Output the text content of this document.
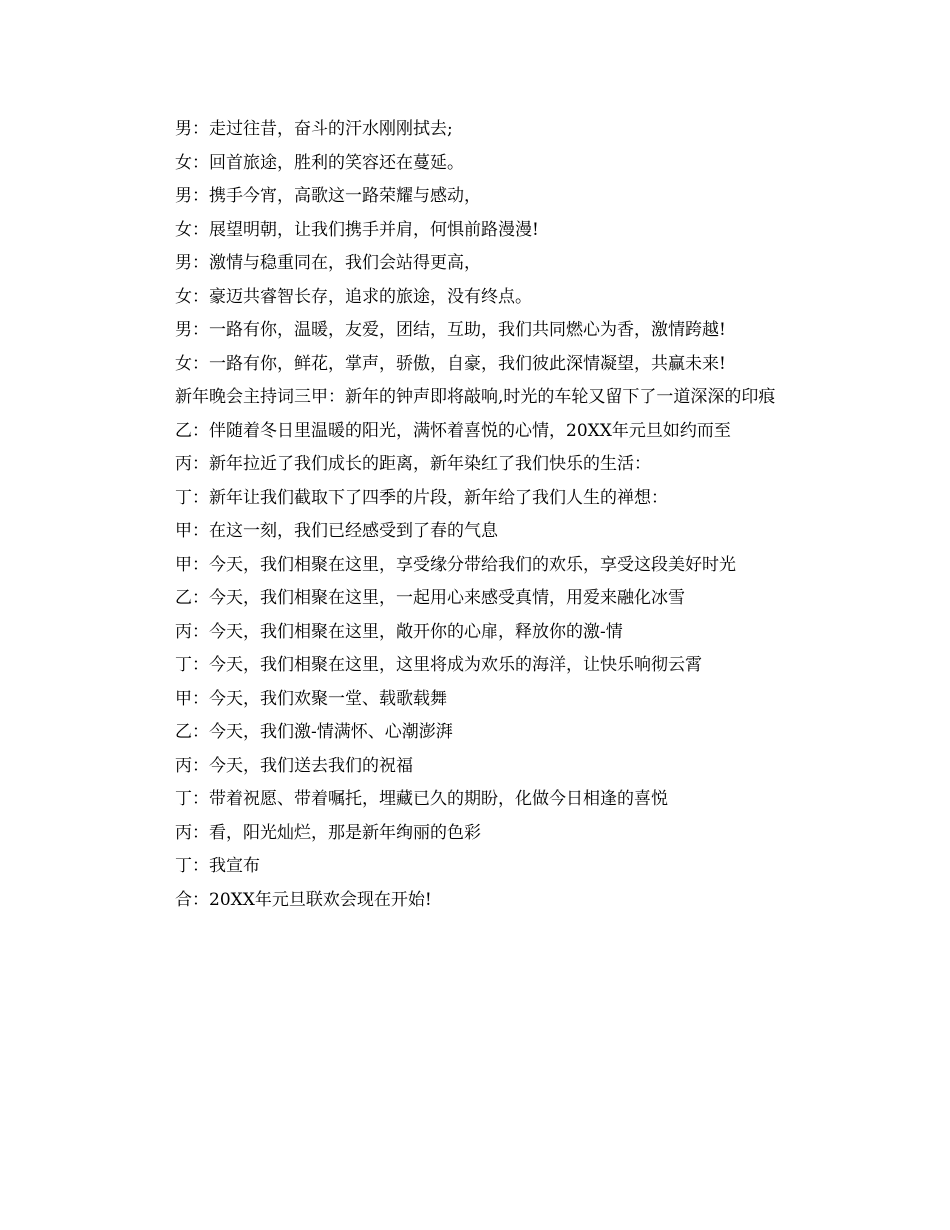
男：走过往昔，奋斗的汗水刚刚拭去;

女：回首旅途，胜利的笑容还在蔓延。

男：携手今宵，高歌这一路荣耀与感动，

女：展望明朝，让我们携手并肩，何惧前路漫漫!

男：激情与稳重同在，我们会站得更高，

女：豪迈共睿智长存，追求的旅途，没有终点。

男：一路有你，温暖，友爱，团结，互助，我们共同燃心为香，激情跨越!

女：一路有你，鲜花，掌声，骄傲，自豪，我们彼此深情凝望，共赢未来!

新年晚会主持词三甲：新年的钟声即将敲响,时光的车轮又留下了一道深深的印痕

乙：伴随着冬日里温暖的阳光，满怀着喜悦的心情，20XX年元旦如约而至

丙：新年拉近了我们成长的距离，新年染红了我们快乐的生活：

丁：新年让我们截取下了四季的片段，新年给了我们人生的禅想：

甲：在这一刻，我们已经感受到了春的气息

甲：今天，我们相聚在这里，享受缘分带给我们的欢乐，享受这段美好时光

乙：今天，我们相聚在这里，一起用心来感受真情，用爱来融化冰雪

丙：今天，我们相聚在这里，敞开你的心扉，释放你的激-情

丁：今天，我们相聚在这里，这里将成为欢乐的海洋，让快乐响彻云霄

甲：今天，我们欢聚一堂、载歌载舞

乙：今天，我们激-情满怀、心潮澎湃

丙：今天，我们送去我们的祝福

丁：带着祝愿、带着嘱托，埋藏已久的期盼，化做今日相逢的喜悦

丙：看，阳光灿烂，那是新年绚丽的色彩

丁：我宣布

合：20XX年元旦联欢会现在开始!
